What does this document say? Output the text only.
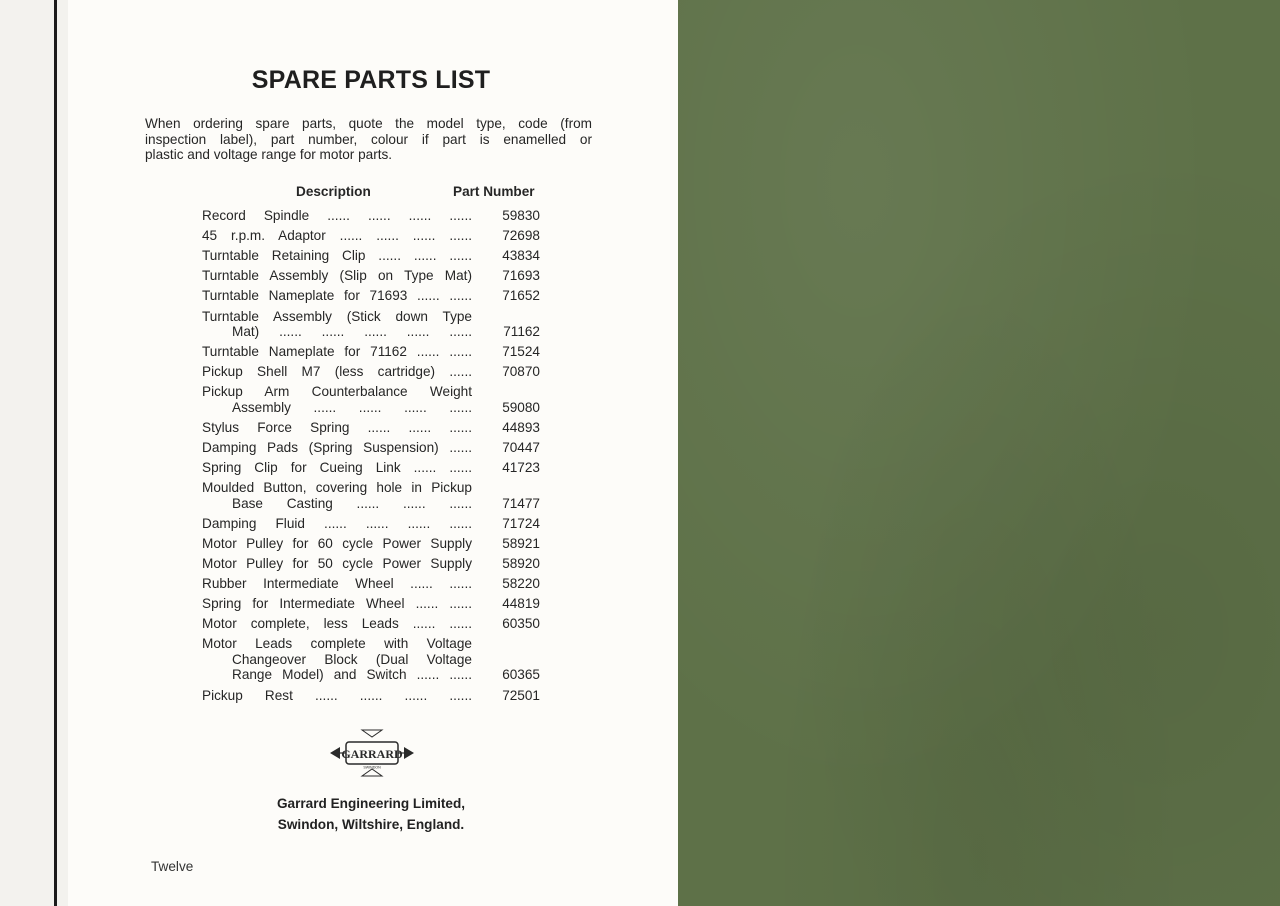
SPARE PARTS LIST
When ordering spare parts, quote the model type, code (from
inspection label), part number, colour if part is enamelled or
plastic and voltage range for motor parts.
Description	Part Number
Record Spindle ...... ...... ...... ......	59830
45 r.p.m. Adaptor ...... ...... ...... ......	72698
Turntable Retaining Clip ...... ...... ......	43834
Turntable Assembly (Slip on Type Mat)	71693
Turntable Nameplate for 71693 ...... ......	71652
Turntable Assembly (Stick down Type
Mat) ...... ...... ...... ...... ......	71162
Turntable Nameplate for 71162 ...... ......	71524
Pickup Shell M7 (less cartridge) ......	70870
Pickup Arm Counterbalance Weight
Assembly ...... ...... ...... ......	59080
Stylus Force Spring ...... ...... ......	44893
Damping Pads (Spring Suspension) ......	70447
Spring Clip for Cueing Link ...... ......	41723
Moulded Button, covering hole in Pickup
Base Casting ...... ...... ......	71477
Damping Fluid ...... ...... ...... ......	71724
Motor Pulley for 60 cycle Power Supply	58921
Motor Pulley for 50 cycle Power Supply	58920
Rubber Intermediate Wheel ...... ......	58220
Spring for Intermediate Wheel ...... ......	44819
Motor complete, less Leads ...... ......	60350
Motor Leads complete with Voltage
Changeover Block (Dual Voltage
Range Model) and Switch ...... ......	60365
Pickup Rest ...... ...... ...... ......	72501
GARRARD
SWINDON
Garrard Engineering Limited,
Swindon, Wiltshire, England.
Twelve
